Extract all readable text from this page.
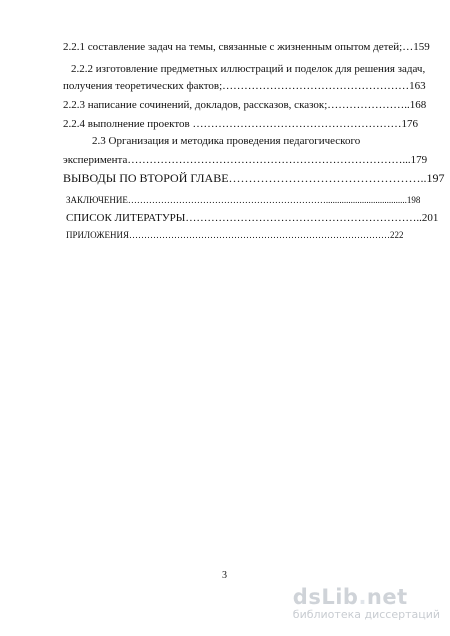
2.2.1 составление задач на темы, связанные с жизненным опытом детей;…159
2.2.2 изготовление предметных иллюстраций и поделок для решения задач,
получения теоретических фактов;……………………………………………163
2.2.3 написание сочинений, докладов, рассказов, сказок;…………………..168
2.2.4 выполнение проектов …………………………………………………176
2.3 Организация и методика проведения педагогического
эксперимента…………………………………………………………………...179
ВЫВОДЫ ПО ВТОРОЙ ГЛАВЕ…………………………………………..197
ЗАКЛЮЧЕНИЕ…………………………………………………………....................................198
СПИСОК ЛИТЕРАТУРЫ………………………………………………………..201
ПРИЛОЖЕНИЯ……………………………………………………………………………222
3
dsLib.net
библиотека диссертаций
